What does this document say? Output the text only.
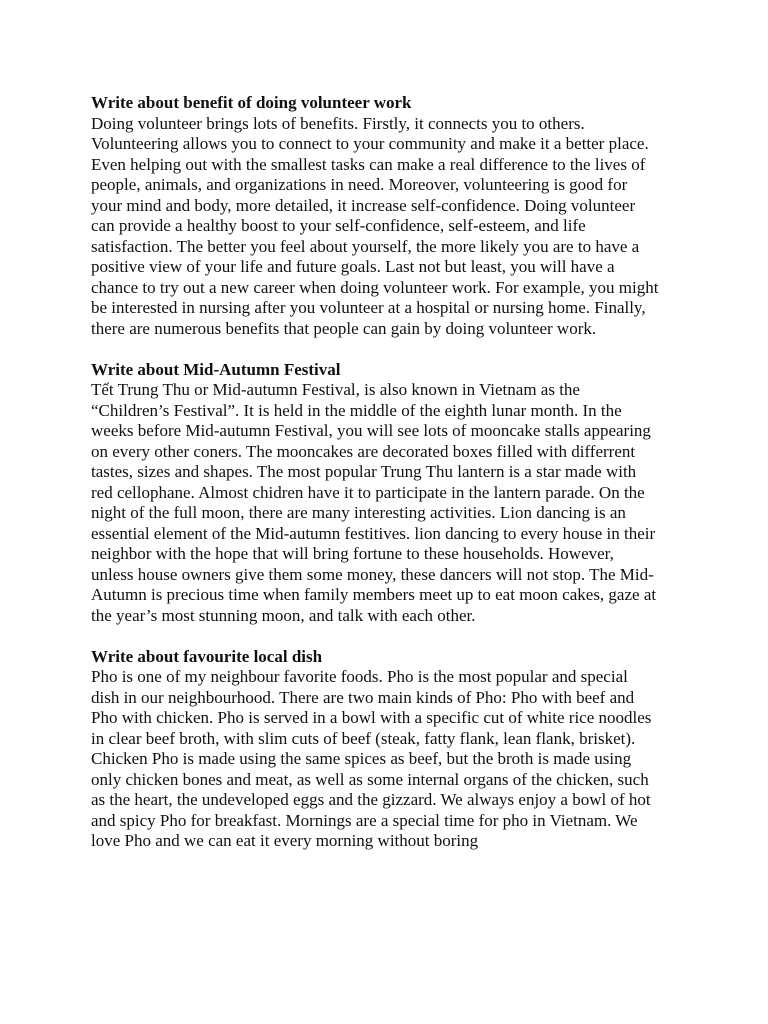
Write about benefit of doing volunteer work
Doing volunteer brings lots of benefits. Firstly, it connects you to others.
Volunteering allows you to connect to your community and make it a better place.
Even helping out with the smallest tasks can make a real difference to the lives of
people, animals, and organizations in need. Moreover, volunteering is good for
your mind and body, more detailed, it increase self-confidence. Doing volunteer
can provide a healthy boost to your self-confidence, self-esteem, and life
satisfaction. The better you feel about yourself, the more likely you are to have a
positive view of your life and future goals. Last not but least, you will have a
chance to try out a new career when doing volunteer work. For example, you might
be interested in nursing after you volunteer at a hospital or nursing home. Finally,
there are numerous benefits that people can gain by doing volunteer work.
Write about Mid-Autumn Festival
Tết Trung Thu or Mid-autumn Festival, is also known in Vietnam as the
“Children’s Festival”. It is held in the middle of the eighth lunar month. In the
weeks before Mid-autumn Festival, you will see lots of mooncake stalls appearing
on every other coners. The mooncakes are decorated boxes filled with differrent
tastes, sizes and shapes. The most popular Trung Thu lantern is a star made with
red cellophane. Almost chidren have it to participate in the lantern parade. On the
night of the full moon, there are many interesting activities. Lion dancing is an
essential element of the Mid-autumn festitives. lion dancing to every house in their
neighbor with the hope that will bring fortune to these households. However,
unless house owners give them some money, these dancers will not stop. The Mid-
Autumn is precious time when family members meet up to eat moon cakes, gaze at
the year’s most stunning moon, and talk with each other.
Write about favourite local dish
Pho is one of my neighbour favorite foods. Pho is the most popular and special
dish in our neighbourhood. There are two main kinds of Pho: Pho with beef and
Pho with chicken. Pho is served in a bowl with a specific cut of white rice noodles
in clear beef broth, with slim cuts of beef (steak, fatty flank, lean flank, brisket).
Chicken Pho is made using the same spices as beef, but the broth is made using
only chicken bones and meat, as well as some internal organs of the chicken, such
as the heart, the undeveloped eggs and the gizzard. We always enjoy a bowl of hot
and spicy Pho for breakfast. Mornings are a special time for pho in Vietnam. We
love Pho and we can eat it every morning without boring
